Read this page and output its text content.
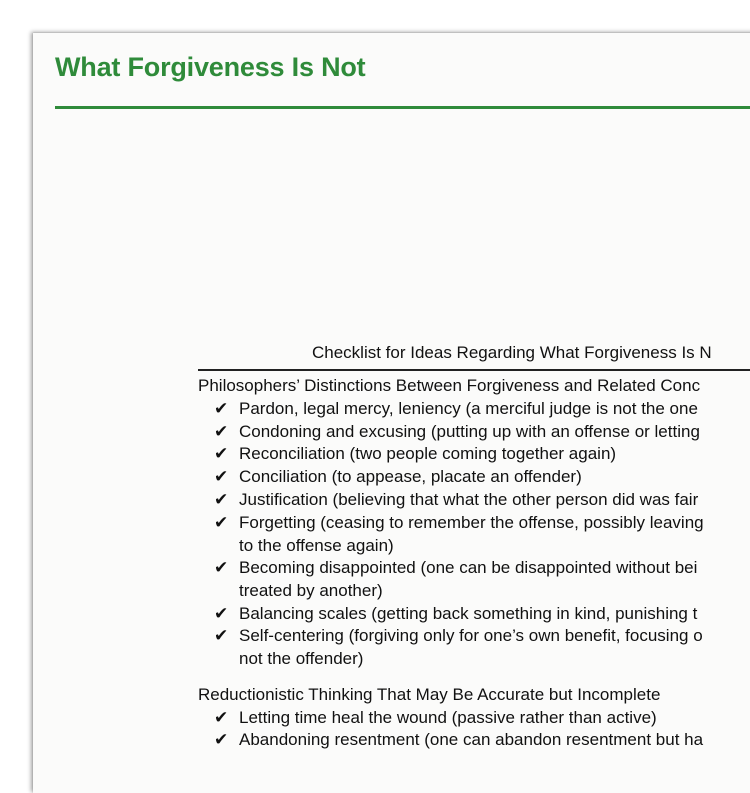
What Forgiveness Is Not
Checklist for Ideas Regarding What Forgiveness Is N
Philosophers’ Distinctions Between Forgiveness and Related Conc
✔ Pardon, legal mercy, leniency (a merciful judge is not the one
✔ Condoning and excusing (putting up with an offense or letting
✔ Reconciliation (two people coming together again)
✔ Conciliation (to appease, placate an offender)
✔ Justification (believing that what the other person did was fair
✔ Forgetting (ceasing to remember the offense, possibly leaving
to the offense again)
✔ Becoming disappointed (one can be disappointed without bei
treated by another)
✔ Balancing scales (getting back something in kind, punishing t
✔ Self-centering (forgiving only for one’s own benefit, focusing o
not the offender)
Reductionistic Thinking That May Be Accurate but Incomplete
✔ Letting time heal the wound (passive rather than active)
✔ Abandoning resentment (one can abandon resentment but ha
